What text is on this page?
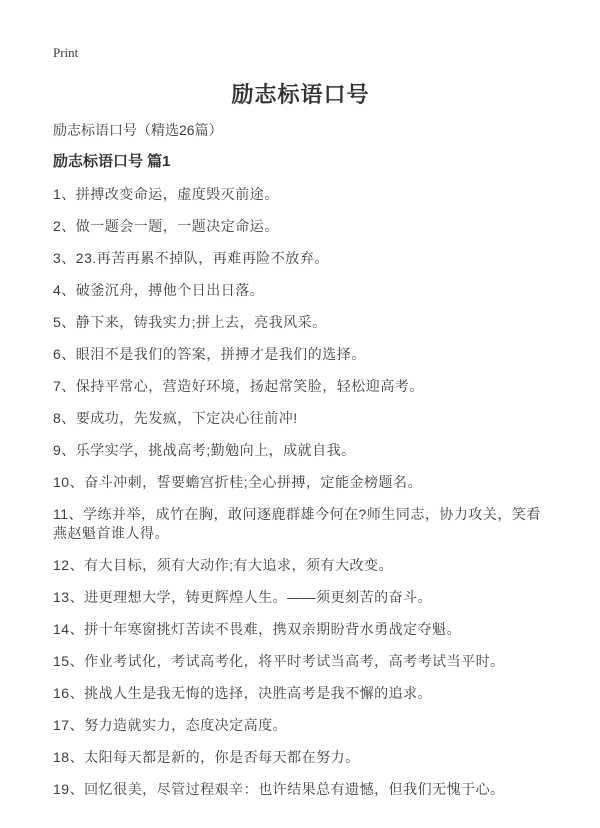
Print
励志标语口号

励志标语口号（精选26篇）

励志标语口号 篇1

1、拼搏改变命运，虚度毁灭前途。

2、做一题会一题，一题决定命运。

3、23.再苦再累不掉队，再难再险不放弃。

4、破釜沉舟，搏他个日出日落。

5、静下来，铸我实力;拼上去，亮我风采。

6、眼泪不是我们的答案，拼搏才是我们的选择。

7、保持平常心，营造好环境，扬起常笑脸，轻松迎高考。

8、要成功，先发疯，下定决心往前冲!

9、乐学实学，挑战高考;勤勉向上，成就自我。

10、奋斗冲刺，誓要蟾宫折桂;全心拼搏，定能金榜题名。

11、学练并举，成竹在胸，敢问逐鹿群雄今何在?师生同志，协力攻关，笑看燕赵魁首谁人得。

12、有大目标，须有大动作;有大追求，须有大改变。

13、进更理想大学，铸更辉煌人生。——须更刻苦的奋斗。

14、拼十年寒窗挑灯苦读不畏难，携双亲期盼背水勇战定夺魁。

15、作业考试化，考试高考化，将平时考试当高考，高考考试当平时。

16、挑战人生是我无悔的选择，决胜高考是我不懈的追求。

17、努力造就实力，态度决定高度。

18、太阳每天都是新的，你是否每天都在努力。

19、回忆很美，尽管过程艰辛：也许结果总有遗憾，但我们无愧于心。
